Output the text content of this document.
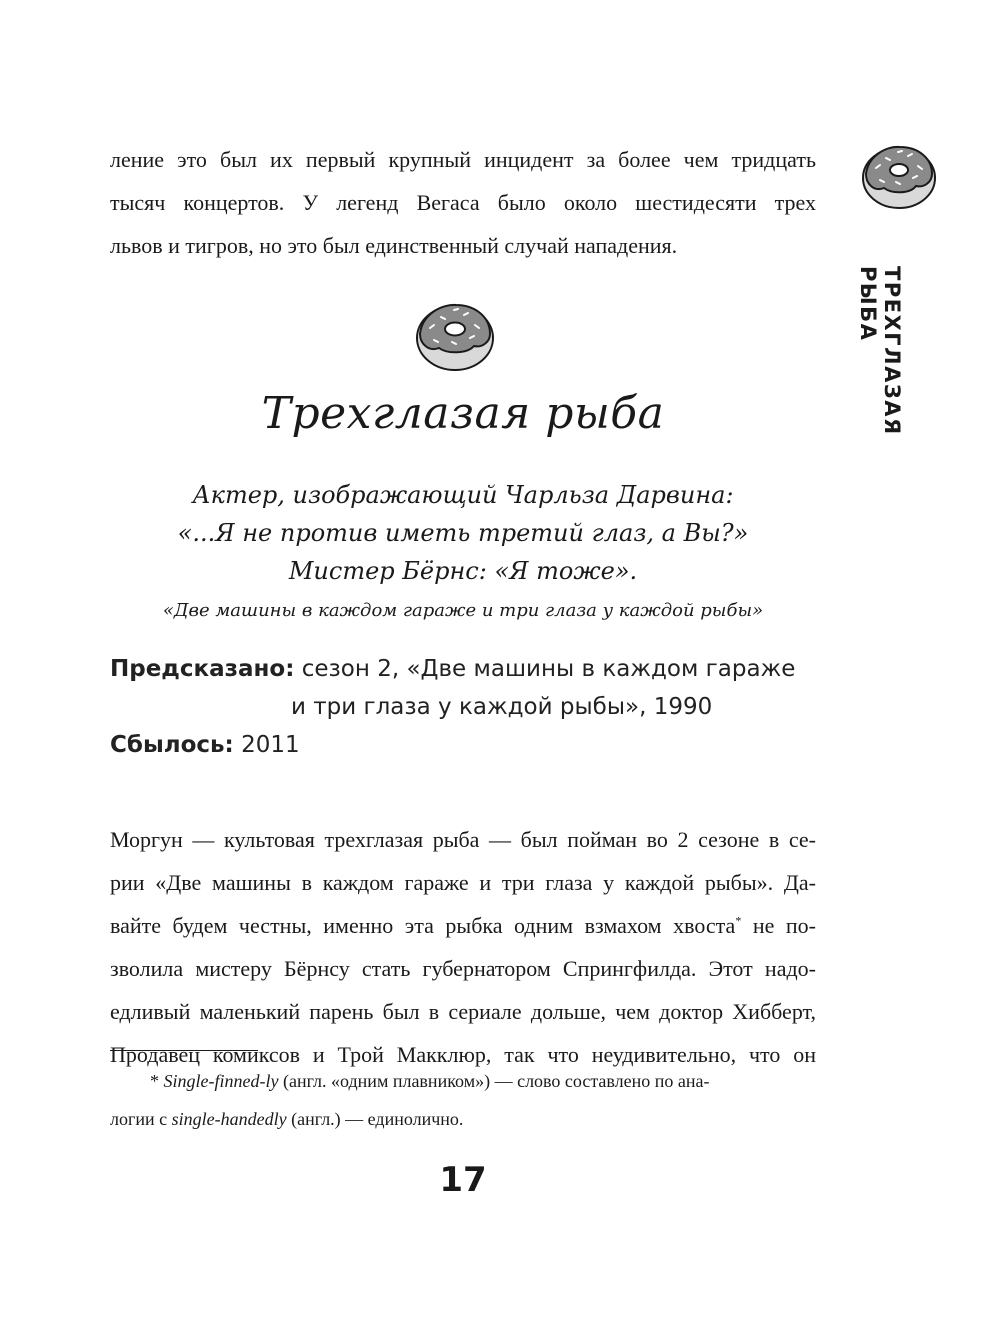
ление это был их первый крупный инцидент за более чем тридцать

тысяч концертов. У легенд Вегаса было около шестидесяти трех

львов и тигров, но это был единственный случай нападения.

ТРЕХГЛАЗАЯ РЫБА
Трехглазая рыба
Актер, изображающий Чарльза Дарвина:
«...Я не против иметь третий глаз, а Вы?»
Мистер Бёрнс: «Я тоже».
«Две машины в каждом гараже и три глаза у каждой рыбы»
Предсказано: сезон 2, «Две машины в каждом гараже
и три глаза у каждой рыбы», 1990
Сбылось: 2011

Моргун — культовая трехглазая рыба — был пойман во 2 сезоне в се-

рии «Две машины в каждом гараже и три глаза у каждой рыбы». Да-

вайте будем честны, именно эта рыбка одним взмахом хвоста* не по-

зволила мистеру Бёрнсу стать губернатором Спрингфилда. Этот надо-

едливый маленький парень был в сериале дольше, чем доктор Хибберт,

Продавец комиксов и Трой Макклюр, так что неудивительно, что он

* Single-finned-ly (англ. «одним плавником») — слово составлено по ана-

логии с single-handedly (англ.) — единолично.

17
